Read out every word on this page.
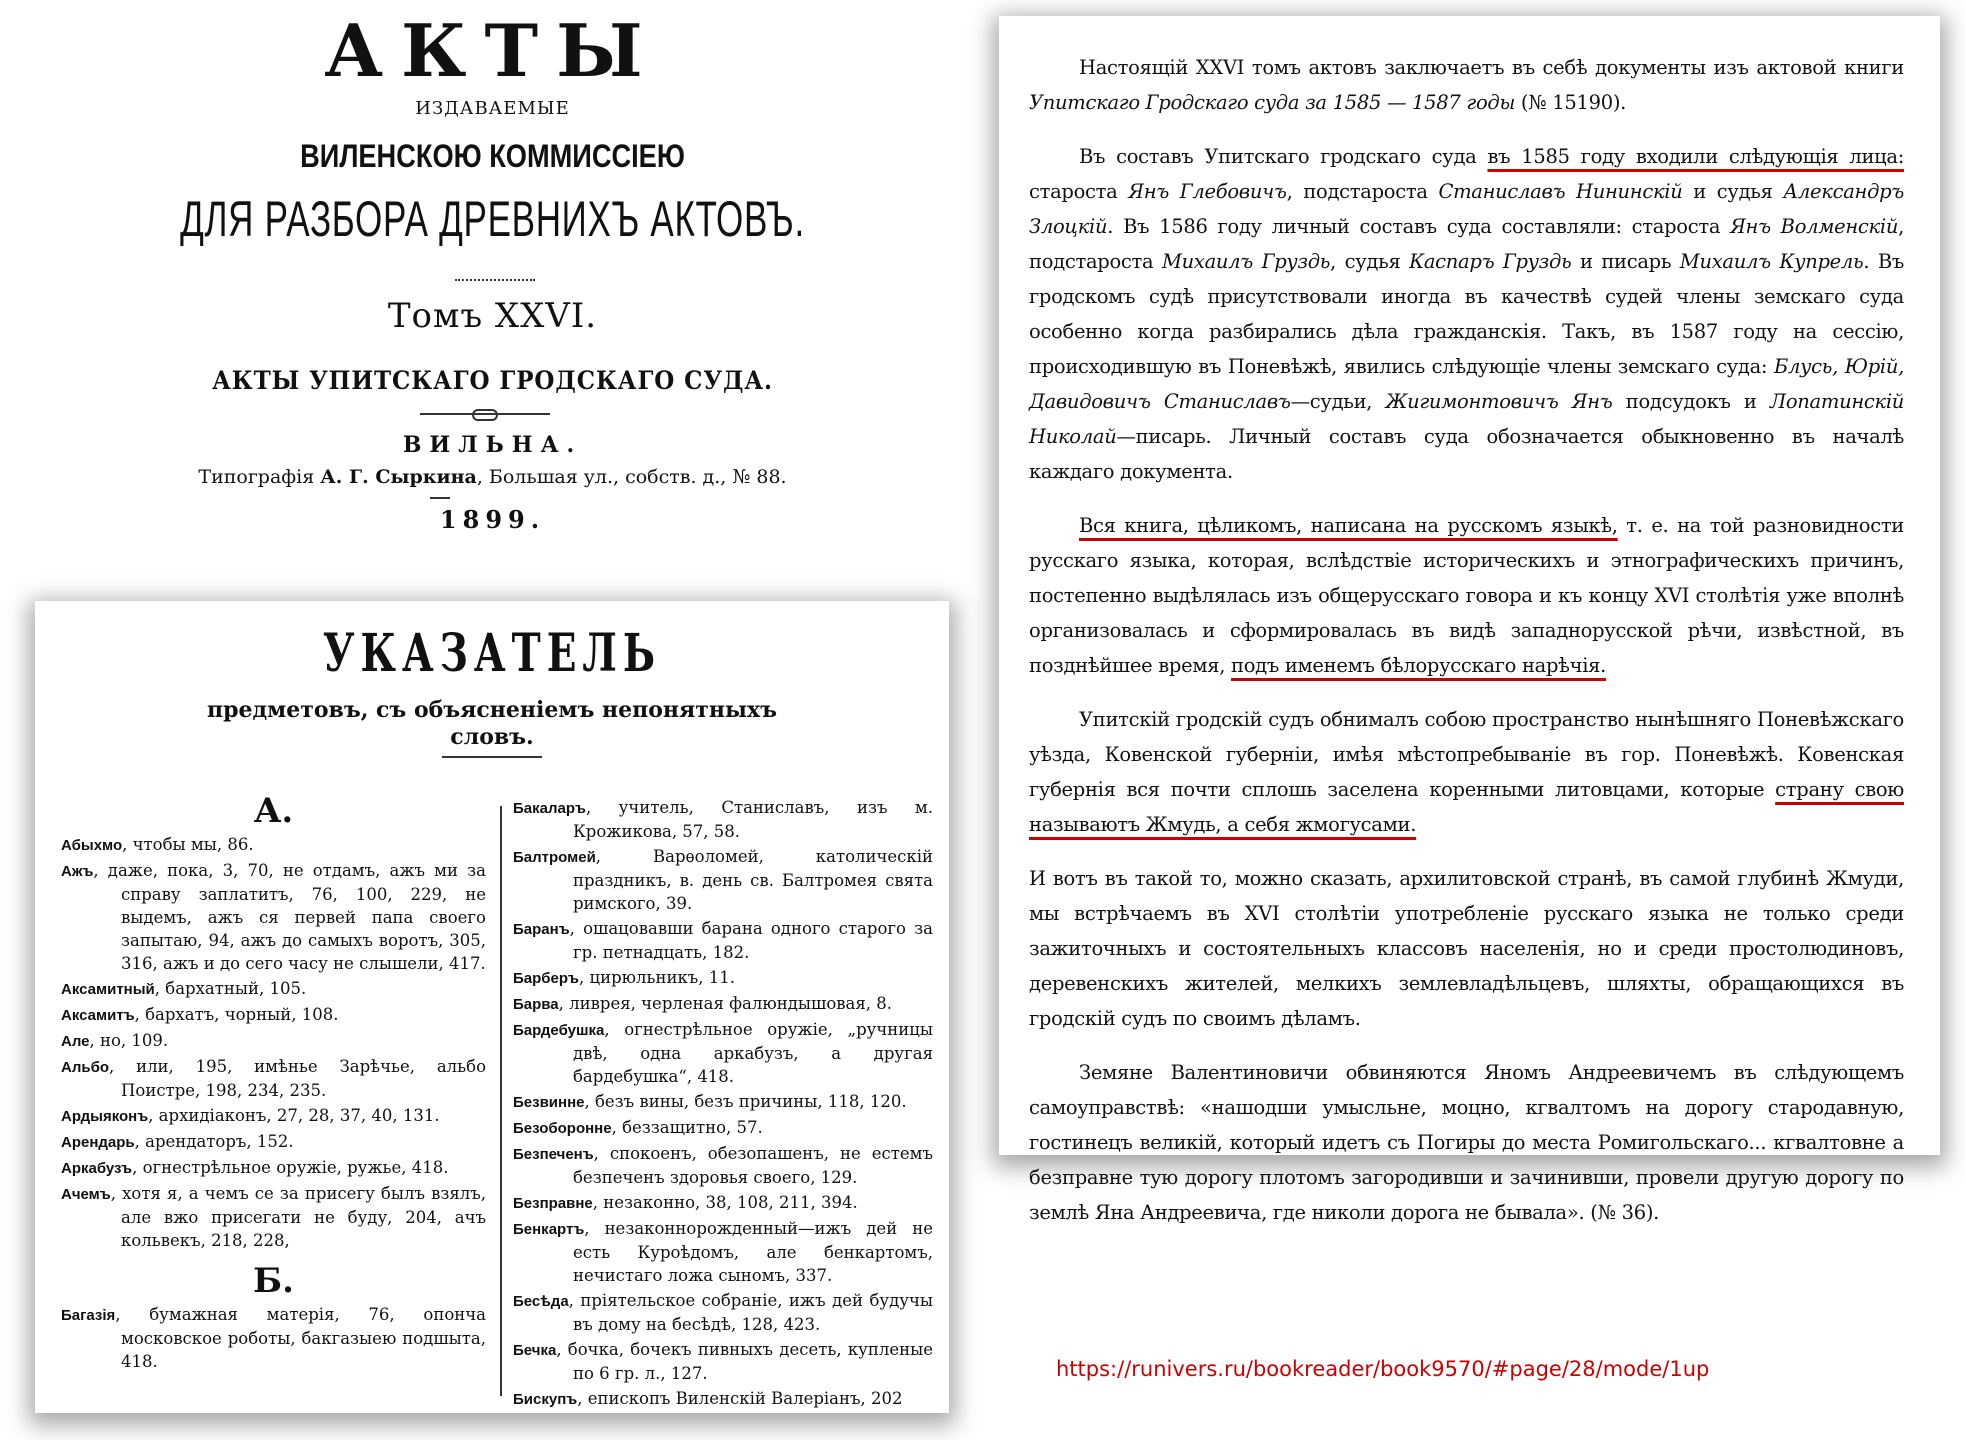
АКТЫ
ИЗДАВАЕМЫЕ
ВИЛЕНСКОЮ КОММИССІЕЮ
ДЛЯ РАЗБОРА ДРЕВНИХЪ АКТОВЪ.
Томъ XXVI.
АКТЫ УПИТСКАГО ГРОДСКАГО СУДА.
ВИЛЬНА.
Типографія А. Г. Сыркина, Большая ул., собств. д., № 88.
1899.
УКАЗАТЕЛЬ
предметовъ, съ объясненіемъ непонятныхъ
словъ.
А.
Абыхмо, чтобы мы, 86.
Ажъ, даже, пока, 3, 70, не отдамъ, ажъ ми за справу заплатитъ, 76, 100, 229, не выдемъ, ажъ ся первей папа своего запытаю, 94, ажъ до самыхъ воротъ, 305, 316, ажъ и до сего часу не слышели, 417.
Аксамитный, бархатный, 105.
Аксамитъ, бархатъ, чорный, 108.
Але, но, 109.
Альбо, или, 195, имѣнье Зарѣчье, альбо Поистре, 198, 234, 235.
Ардыяконъ, архидіаконъ, 27, 28, 37, 40, 131.
Арендарь, арендаторъ, 152.
Аркабузъ, огнестрѣльное оружіе, ружье, 418.
Ачемъ, хотя я, а чемъ се за присегу былъ взялъ, але вжо присегати не буду, 204, ачъ кольвекъ, 218, 228,
Б.
Багазія, бумажная матерія, 76, опонча московское роботы, бакгазыею подшыта, 418.
Бакаларъ, учитель, Станиславъ, изъ м. Крожикова, 57, 58.
Балтромей, Варѳоломей, католическій праздникъ, в. день св. Балтромея свята римского, 39.
Баранъ, ошацовавши барана одного старого за гр. петнадцать, 182.
Барберъ, цирюльникъ, 11.
Барва, ливрея, черленая фалюндышовая, 8.
Бардебушка, огнестрѣльное оружіе, „ручницы двѣ, одна аркабузъ, а другая бардебушка“, 418.
Безвинне, безъ вины, безъ причины, 118, 120.
Безоборонне, беззащитно, 57.
Безпеченъ, спокоенъ, обезопашенъ, не естемъ безпеченъ здоровья своего, 129.
Безправне, незаконно, 38, 108, 211, 394.
Бенкартъ, незаконнорожденный—ижъ дей не есть Куроѣдомъ, але бенкартомъ, нечистаго ложа сыномъ, 337.
Бесѣда, пріятельское собраніе, ижъ дей будучы въ дому на бесѣдѣ, 128, 423.
Бечка, бочка, бочекъ пивныхъ десеть, купленые по 6 гр. л., 127.
Бискупъ, епископъ Виленскій Валеріанъ, 202

Настоящій XXVI томъ актовъ заключаетъ въ себѣ документы изъ актовой книги Упитскаго Гродскаго суда за 1585 — 1587 годы (№ 15190).

Въ составъ Упитскаго гродскаго суда въ 1585 году входили слѣдующія лица: староста Янъ Глебовичъ, подстароста Станиславъ Нининскій и судья Александръ Злоцкій. Въ 1586 году личный составъ суда составляли: староста Янъ Волменскій, подстароста Михаилъ Груздь, судья Каспаръ Груздь и писарь Михаилъ Купрель. Въ гродскомъ судѣ присутствовали иногда въ качествѣ судей члены земскаго суда особенно когда разбирались дѣла гражданскія. Такъ, въ 1587 году на сессію, происходившую въ Поневѣжѣ, явились слѣдующіе члены земскаго суда: Блусь, Юрій, Давидовичъ Станиславъ—судьи, Жигимонтовичъ Янъ подсудокъ и Лопатинскій Николай—писарь. Личный составъ суда обозначается обыкновенно въ началѣ каждаго документа.

Вся книга, цѣликомъ, написана на русскомъ языкѣ, т. е. на той разновидности русскаго языка, которая, вслѣдствіе историческихъ и этнографическихъ причинъ, постепенно выдѣлялась изъ общерусскаго говора и къ концу XVI столѣтія уже вполнѣ организовалась и сформировалась въ видѣ западнорусской рѣчи, извѣстной, въ позднѣйшее время, подъ именемъ бѣлорусскаго нарѣчія.

Упитскій гродскій судъ обнималъ собою пространство нынѣшняго Поневѣжскаго уѣзда, Ковенской губерніи, имѣя мѣстопребываніе въ гор. Поневѣжѣ. Ковенская губернія вся почти сплошь заселена коренными литовцами, которые страну свою называютъ Жмудь, а себя жмогусами.

И вотъ въ такой то, можно сказать, архилитовской странѣ, въ самой глубинѣ Жмуди, мы встрѣчаемъ въ XVI столѣтіи употребленіе русскаго языка не только среди зажиточныхъ и состоятельныхъ классовъ населенія, но и среди простолюдиновъ, деревенскихъ жителей, мелкихъ землевладѣльцевъ, шляхты, обращающихся въ гродскій судъ по своимъ дѣламъ.

Земяне Валентиновичи обвиняются Яномъ Андреевичемъ въ слѣдующемъ самоуправствѣ: «нашодши умысльне, моцно, кгвалтомъ на дорогу стародавную, гостинецъ великій, который идетъ съ Погиры до места Ромигольскаго... кгвалтовне а безправне тую дорогу плотомъ загородивши и зачинивши, провели другую дорогу по землѣ Яна Андреевича, где николи дорога не бывала». (№ 36).

https://runivers.ru/bookreader/book9570/#page/28/mode/1up
